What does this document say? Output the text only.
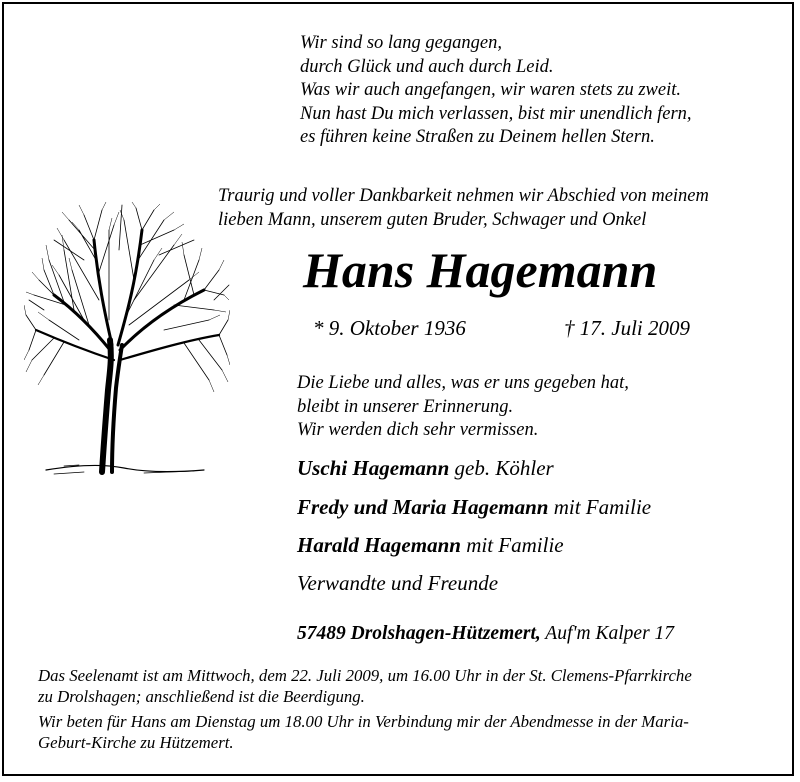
Wir sind so lang gegangen,
durch Glück und auch durch Leid.
Was wir auch angefangen, wir waren stets zu zweit.
Nun hast Du mich verlassen, bist mir unendlich fern,
es führen keine Straßen zu Deinem hellen Stern.
Traurig und voller Dankbarkeit nehmen wir Abschied von meinem
lieben Mann, unserem guten Bruder, Schwager und Onkel
Hans Hagemann
* 9. Oktober 1936	† 17. Juli 2009
Die Liebe und alles, was er uns gegeben hat,
bleibt in unserer Erinnerung.
Wir werden dich sehr vermissen.
Uschi Hagemann geb. Köhler
Fredy und Maria Hagemann mit Familie
Harald Hagemann mit Familie
Verwandte und Freunde
57489 Drolshagen-Hützemert, Auf'm Kalper 17
Das Seelenamt ist am Mittwoch, dem 22. Juli 2009, um 16.00 Uhr in der St. Clemens-Pfarrkirche
zu Drolshagen; anschließend ist die Beerdigung.
Wir beten für Hans am Dienstag um 18.00 Uhr in Verbindung mir der Abendmesse in der Maria-
Geburt-Kirche zu Hützemert.
